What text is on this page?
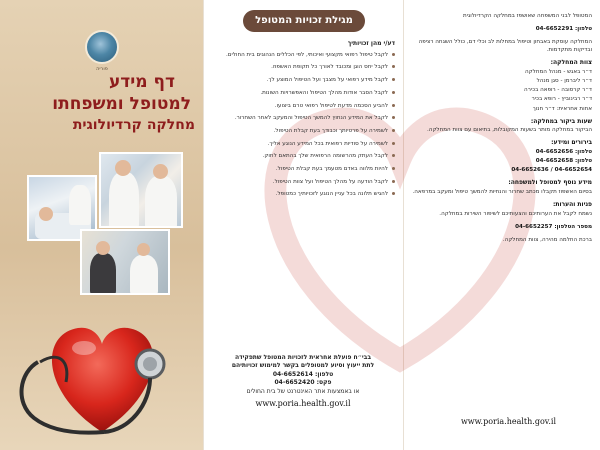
פוריה
דף מידע
למטופל ומשפחתו
מחלקה קרדיולוגית
מגילת זכויות המטופל
דע/י מהן זכויותיך
לקבל טיפול רפואי מקצועי ואיכותי, לפי הכללים הנהוגים בית החולים.
לקבל יחס הוגן ומכובד לאורך כל תקופת האשפוז.
לקבל מידע רפואי על מצבך ועל הטיפול המוצע לך.
לקבל הסבר אודות מהלך הטיפול והאפשרויות השונות.
להביע הסכמה מדעת לטיפול רפואי טרם ביצועו.
לקבל את המידע הנחוץ להמשך הטיפול והמעקב לאחר השחרור.
לשמירה על פרטיותך וכבודך בעת קבלת הטיפול.
לשמירה על סודיות רפואית בכל המידע הנוגע אליך.
לקבל העתק מהרשומה הרפואית שלך בהתאם לחוק.
להיות מלווה באדם מטעמך בעת קבלת הטיפול.
לקבל הודעה על מהלך הטיפול ועל צוות הטיפול.
להגיש תלונה בכל עניין הנוגע לזכויותיך כמטופל.
בבי״ח פועלת אחראית לזכויות המטופל שתפקידה
לתת ייעוץ וסיוע למטופלים בקשר למימוש זכויותיהם
טלפון: 04-6652614
פקס: 04-6652420
או באמצעות אתר האינטרנט של בית החולים
www.poria.health.gov.il

המטופל לבני המשפחה שאושפז במחלקה הקרדיולוגית

טלפון: 04-6652291

המחלקה עוסקת באבחון וטיפול במחלות לב וכלי דם, כולל השגחה רציפה ובדיקות מתקדמות.

צוות המחלקה:

ד״ר באגש - מנהל המחלקה

ד״ר ליברמן - סגן מנהל

ד״ר קרסובה - רופאה בכירה

ד״ר רבינוביץ - רופא בכיר

אחות אחראית: ד״ר חנוך

שעות ביקור במחלקה:

הביקור במחלקה מותר בשעות המקובלות, בתיאום עם צוות המחלקה.

בירורים ומידע:

טלפון: 04-6652656

טלפון: 04-6652658

04-6652654 / 04-6652636

מידע נוסף למטופל ולמשפחה:

בסיום האשפוז תקבלו מכתב שחרור והנחיות להמשך טיפול ומעקב במרפאה.

פניות והערות:

נשמח לקבל את הערותיכם והצעותיכם לשיפור השירות במחלקה.

מספר הטלפון: 04-6652257

ברכת החלמה מהירה, צוות המחלקה.

www.poria.health.gov.il
